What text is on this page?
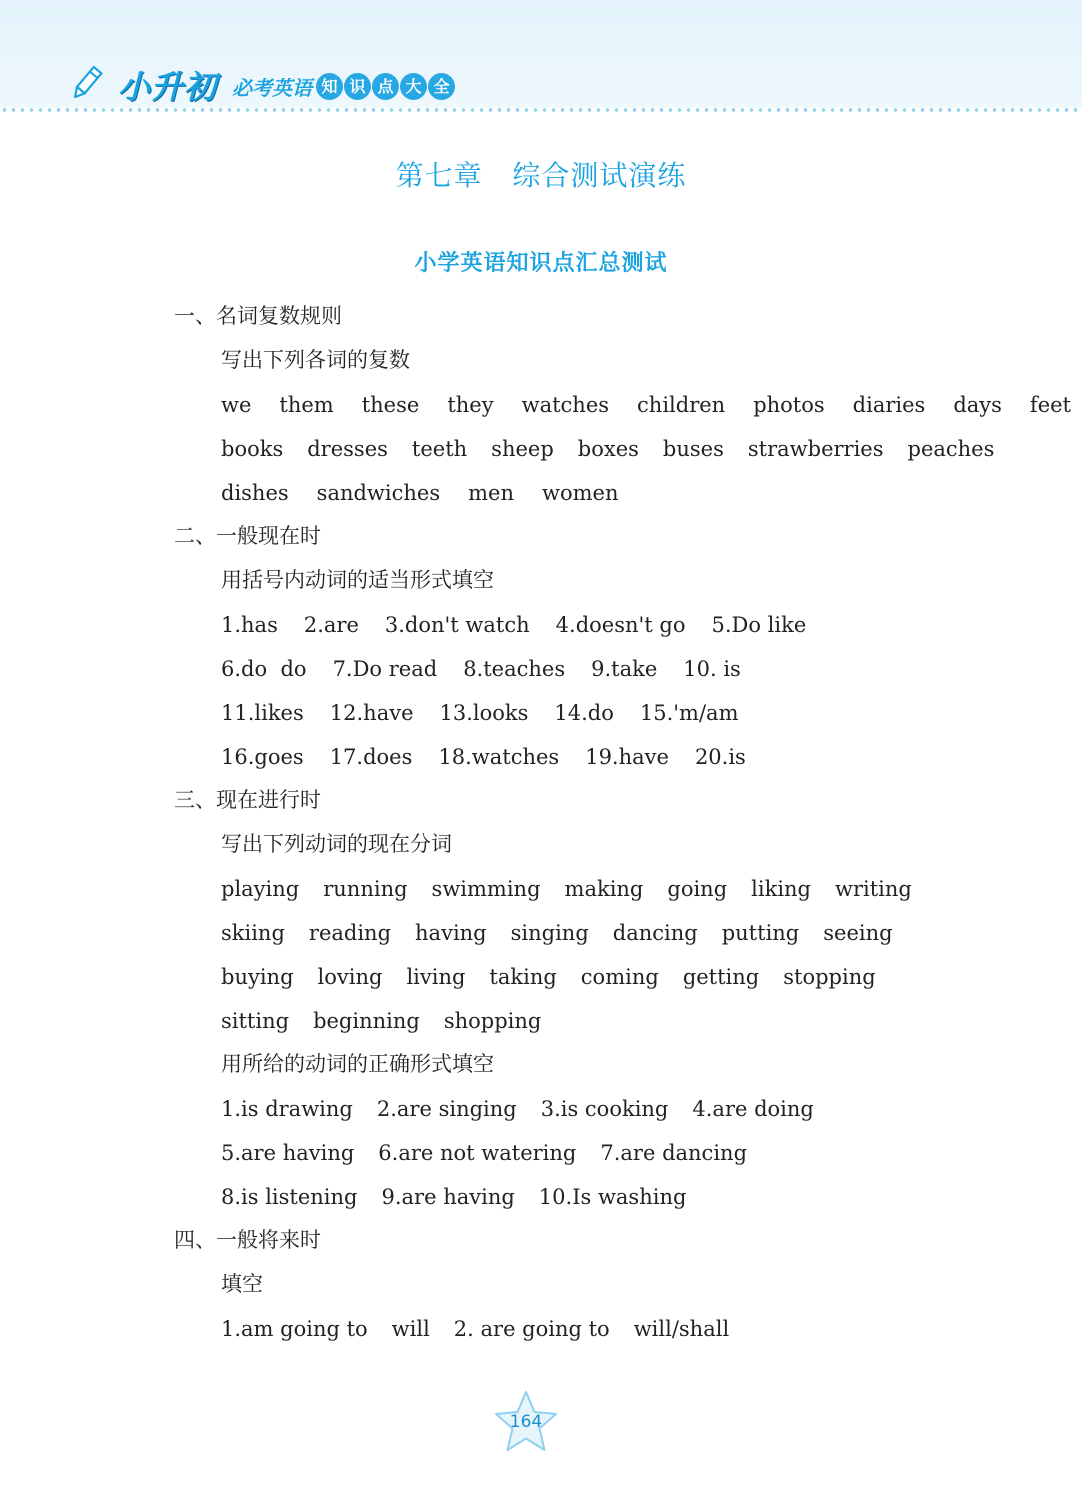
小升初 必考英语 知 识 点 大 全
第七章   综合测试演练
小学英语知识点汇总测试
一、名词复数规则
写出下列各词的复数
we them these they watches children photos diaries days feet
books dresses teeth sheep boxes buses strawberries peaches
dishes sandwiches men women
二、一般现在时
用括号内动词的适当形式填空
1.has 2.are 3.don't watch 4.doesn't go 5.Do like
6.do  do 7.Do read 8.teaches 9.take 10. is
11.likes 12.have 13.looks 14.do 15.'m/am
16.goes 17.does 18.watches 19.have 20.is
三、现在进行时
写出下列动词的现在分词
playing running swimming making going liking writing
skiing reading having singing dancing putting seeing
buying loving living taking coming getting stopping
sitting beginning shopping
用所给的动词的正确形式填空
1.is drawing 2.are singing 3.is cooking 4.are doing
5.are having 6.are not watering 7.are dancing
8.is listening 9.are having 10.Is washing
四、一般将来时
填空
1.am going to will 2. are going to will/shall
164
